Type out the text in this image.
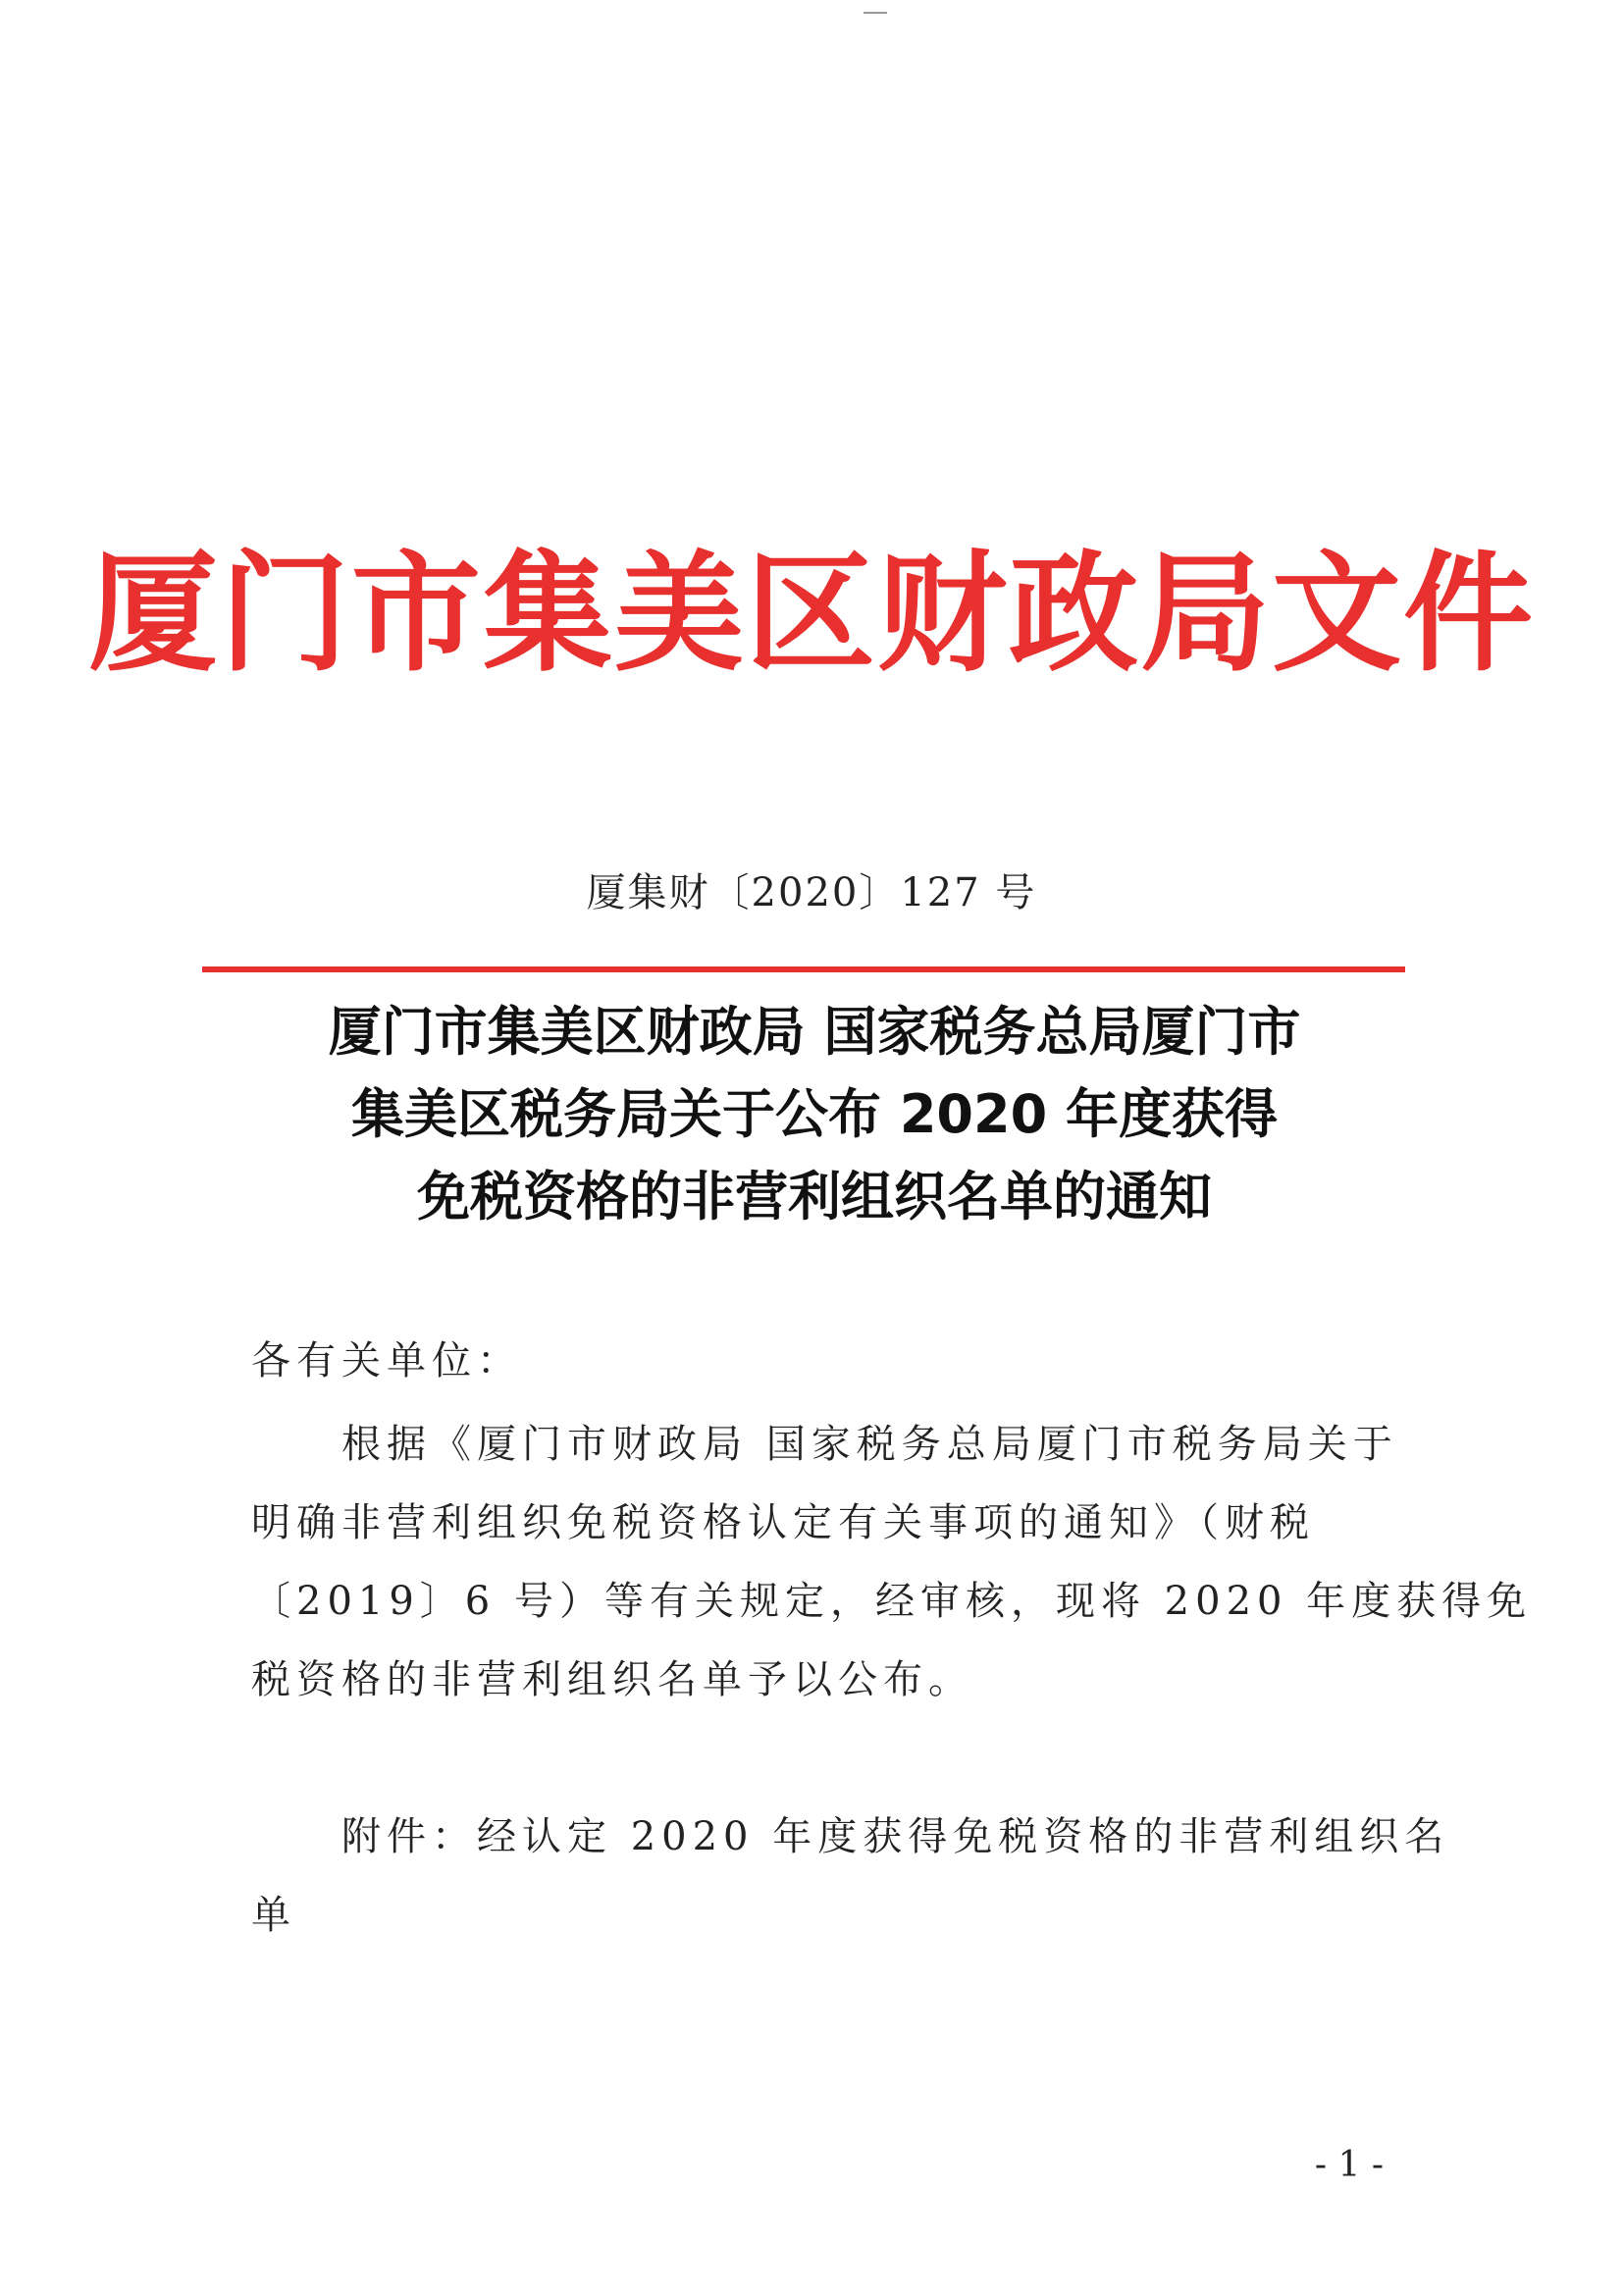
厦门市集美区财政局文件
厦集财〔2020〕127 号
厦门市集美区财政局 国家税务总局厦门市
集美区税务局关于公布 2020 年度获得
免税资格的非营利组织名单的通知
各有关单位：
根据《厦门市财政局 国家税务总局厦门市税务局关于
明确非营利组织免税资格认定有关事项的通知》（财税
〔2019〕6 号）等有关规定，经审核，现将 2020 年度获得免
税资格的非营利组织名单予以公布。
附件：经认定 2020 年度获得免税资格的非营利组织名
单
- 1 -
